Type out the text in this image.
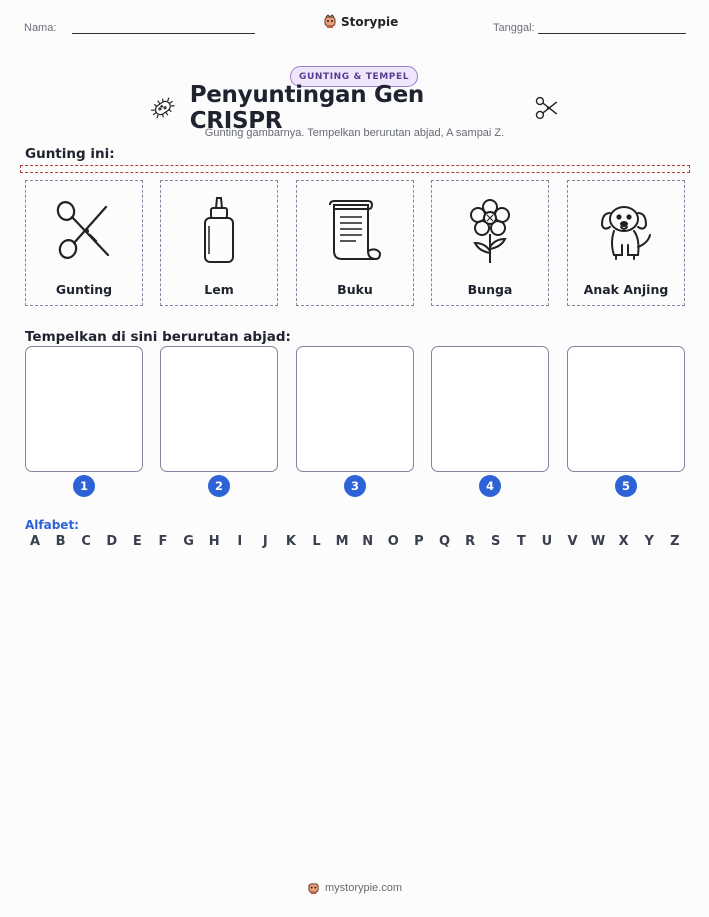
Nama:	Storypie	Tanggal:
GUNTING & TEMPEL
Penyuntingan Gen CRISPR
Gunting gambarnya. Tempelkan berurutan abjad, A sampai Z.
Gunting ini:
Gunting	Lem	Buku	Bunga	Anak Anjing
Tempelkan di sini berurutan abjad:
1	2	3	4	5
Alfabet:
A	B	C	D	E	F	G	H	I	J	K	L	M	N	O	P	Q	R	S	T	U	V	W	X	Y	Z
mystorypie.com
